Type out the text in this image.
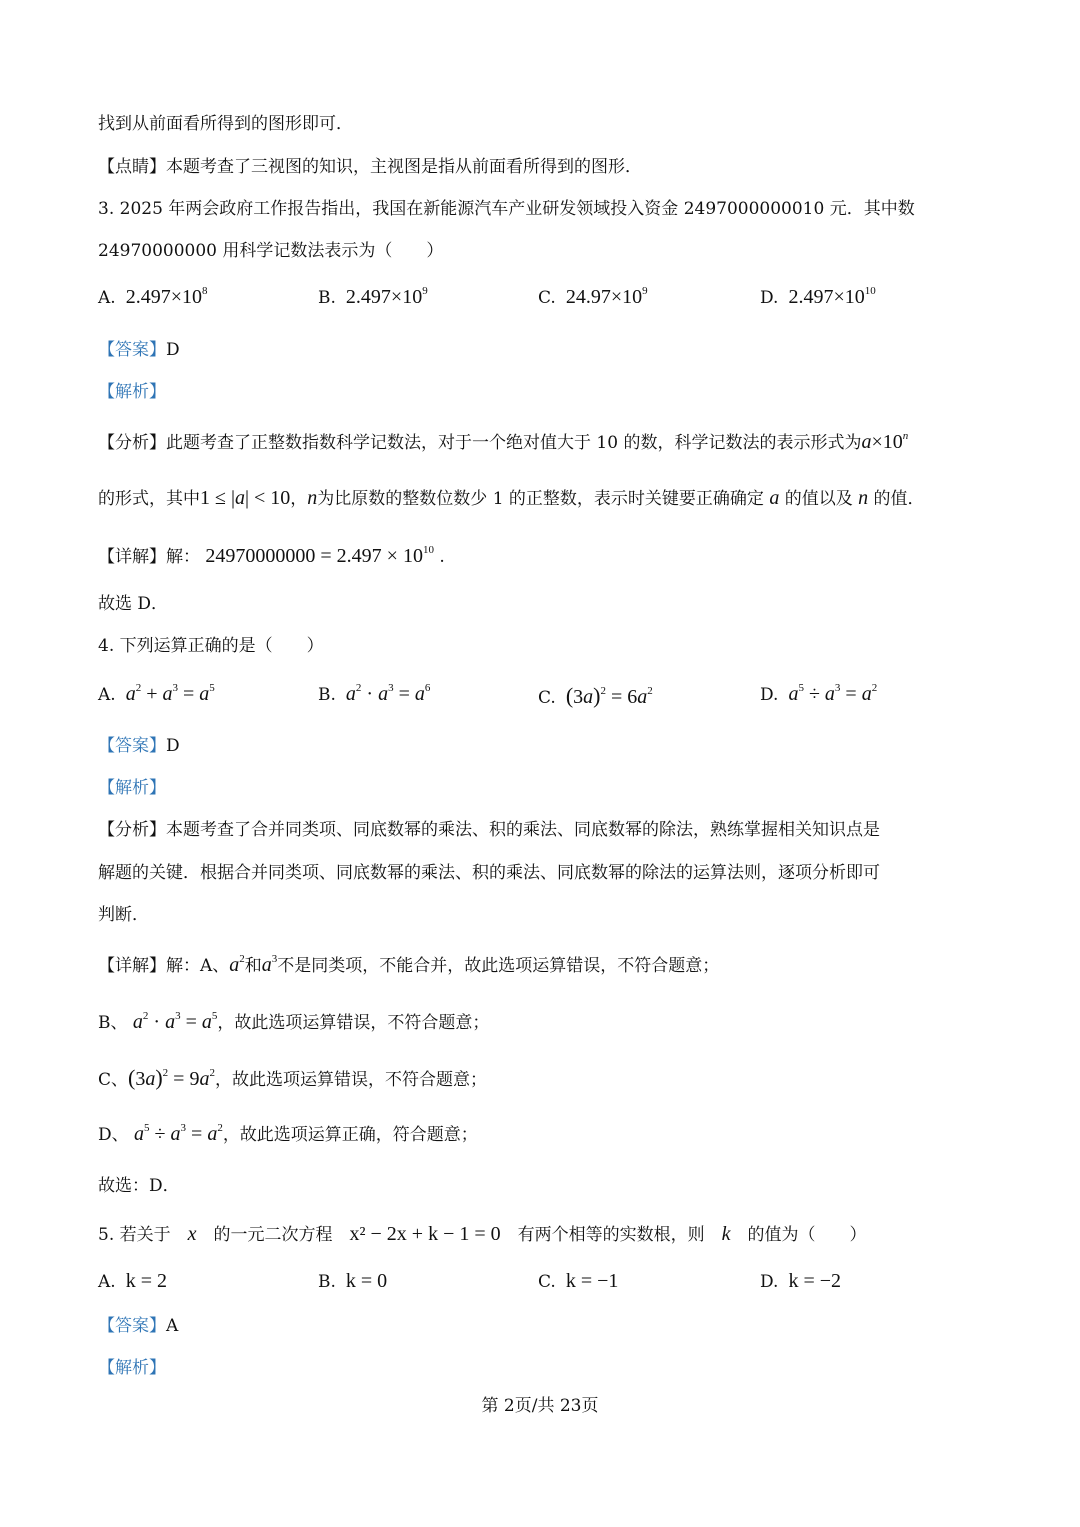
找到从前面看所得到的图形即可．
【点睛】本题考查了三视图的知识，主视图是指从前面看所得到的图形．
3. 2025 年两会政府工作报告指出，我国在新能源汽车产业研发领域投入资金 2497000000010 元．其中数
24970000000 用科学记数法表示为（　　）
A. $2.497\times 10^8$	B. $2.497\times 10^9$	C. $24.97\times 10^9$	D. $2.497\times 10^{10}$
【答案】D
【解析】
【分析】此题考查了正整数指数科学记数法，对于一个绝对值大于 10 的数，科学记数法的表示形式为$a\times 10^n$
的形式，其中1 ≤ |a| < 10，n为比原数的整数位数少 1 的正整数，表示时关键要正确确定 a 的值以及 n 的值．
【详解】解： $24970000000 = 2.497 \times 10^{10}$ .
故选 D．
4. 下列运算正确的是（　　）
A. $a^2 + a^3 = a^5$	B. $a^2 \cdot a^3 = a^6$	C. $(3a)^2 = 6a^2$	D. $a^5 \div a^3 = a^2$
【答案】D
【解析】
【分析】本题考查了合并同类项、同底数幂的乘法、积的乘法、同底数幂的除法，熟练掌握相关知识点是
解题的关键．根据合并同类项、同底数幂的乘法、积的乘法、同底数幂的除法的运算法则，逐项分析即可
判断．
【详解】解：A、$a^2$和$a^3$不是同类项，不能合并，故此选项运算错误，不符合题意；
B、 $a^2 \cdot a^3 = a^5$，故此选项运算错误，不符合题意；
C、$(3a)^2 = 9a^2$，故此选项运算错误，不符合题意；
D、 $a^5 \div a^3 = a^2$，故此选项运算正确，符合题意；
故选：D．
5. 若关于　 x　 的一元二次方程　 x² − 2x + k − 1 = 0　 有两个相等的实数根，则　 k　 的值为（　　）
A. k = 2	B. k = 0	C. k = −1	D. k = −2
【答案】A
【解析】
第 2页/共 23页
